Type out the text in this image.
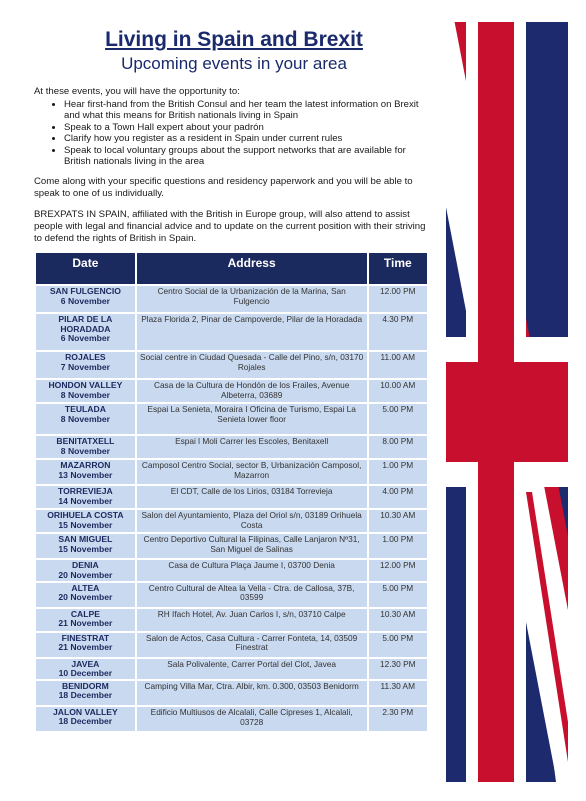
Living in Spain and Brexit
Upcoming events in your area
At these events, you will have the opportunity to:
• Hear first-hand from the British Consul and her team the latest information on Brexit and what this means for British nationals living in Spain
• Speak to a Town Hall expert about your padrón
• Clarify how you register as a resident in Spain under current rules
• Speak to local voluntary groups about the support networks that are available for British nationals living in the area

Come along with your specific questions and residency paperwork and you will be able to speak to one of us individually.

BREXPATS IN SPAIN, affiliated with the British in Europe group, will also attend to assist people with legal and financial advice and to update on the current position with their striving to defend the rights of British in Spain.

Date	Address	Time

SAN FULGENCIO
6 November	Centro Social de la Urbanización de la Marina, San Fulgencio	12.00 PM

PILAR DE LA HORADADA
6 November	Plaza Florida 2, Pinar de Campoverde, Pilar de la Horadada	4.30 PM

ROJALES
7 November	Social centre in Ciudad Quesada - Calle del Pino, s/n, 03170 Rojales	11.00 AM

HONDON VALLEY
8 November	Casa de la Cultura de Hondón de los Frailes, Avenue Albeterra, 03689	10.00 AM

TEULADA
8 November	Espai La Senieta, Moraira I Oficina de Turismo, Espai La Senieta lower floor	5.00 PM

BENITATXELL
8 November	Espai l Moli Carrer les Escoles, Benitaxell	8.00 PM

MAZARRON
13 November	Camposol Centro Social, sector B, Urbanización Camposol, Mazarron	1.00 PM

TORREVIEJA
14 November	El CDT, Calle de los Lirios, 03184 Torrevieja	4.00 PM

ORIHUELA COSTA
15 November	Salon del Ayuntamiento, Plaza del Oriol s/n, 03189 Orihuela Costa	10.30 AM

SAN MIGUEL
15 November	Centro Deportivo Cultural la Filipinas, Calle Lanjaron Nº31, San Miguel de Salinas	1.00 PM

DENIA
20 November	Casa de Cultura Plaça Jaume I, 03700 Denia	12.00 PM

ALTEA
20 November	Centro Cultural de Altea la Vella - Ctra. de Callosa, 37B, 03599	5.00 PM

CALPE
21 November	RH Ifach Hotel, Av. Juan Carlos I, s/n, 03710 Calpe	10.30 AM

FINESTRAT
21 November	Salon de Actos, Casa Cultura - Carrer Fonteta, 14, 03509 Finestrat	5.00 PM

JAVEA
10 December	Sala Polivalente, Carrer Portal del Clot, Javea	12.30 PM

BENIDORM
18 December	Camping Villa Mar, Ctra. Albir, km. 0.300, 03503 Benidorm	11.30 AM

JALON VALLEY
18 December	Edificio Multiusos de Alcalali, Calle Cipreses 1, Alcalali, 03728	2.30 PM
